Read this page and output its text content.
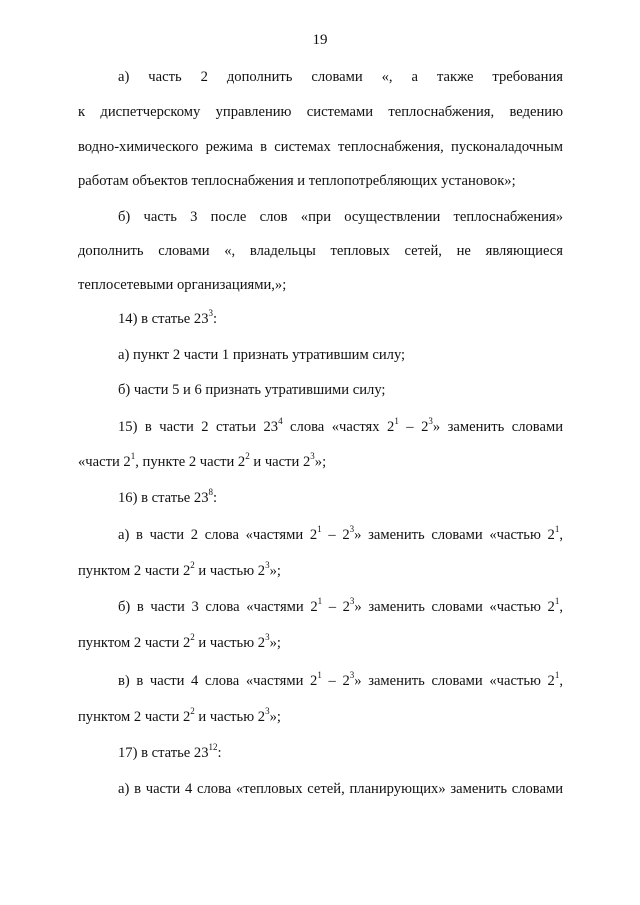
19
а) часть 2 дополнить словами «, а также требования
к диспетчерскому управлению системами теплоснабжения, ведению
водно-химического режима в системах теплоснабжения, пусконаладочным
работам объектов теплоснабжения и теплопотребляющих установок»;
б) часть 3 после слов «при осуществлении теплоснабжения»
дополнить словами «, владельцы тепловых сетей, не являющиеся
теплосетевыми организациями,»;
14) в статье $23^3$:
а) пункт 2 части 1 признать утратившим силу;
б) части 5 и 6 признать утратившими силу;
15) в части 2 статьи $23^4$ слова «частях $2^1 - 2^3$» заменить словами
«части $2^1$, пункте 2 части $2^2$ и части $2^3$»;
16) в статье $23^8$:
а) в части 2 слова «частями $2^1 - 2^3$» заменить словами «частью $2^1$,
пунктом 2 части $2^2$ и частью $2^3$»;
б) в части 3 слова «частями $2^1 - 2^3$» заменить словами «частью $2^1$,
пунктом 2 части $2^2$ и частью $2^3$»;
в) в части 4 слова «частями $2^1 - 2^3$» заменить словами «частью $2^1$,
пунктом 2 части $2^2$ и частью $2^3$»;
17) в статье $23^{12}$:
а) в части 4 слова «тепловых сетей, планирующих» заменить словами
